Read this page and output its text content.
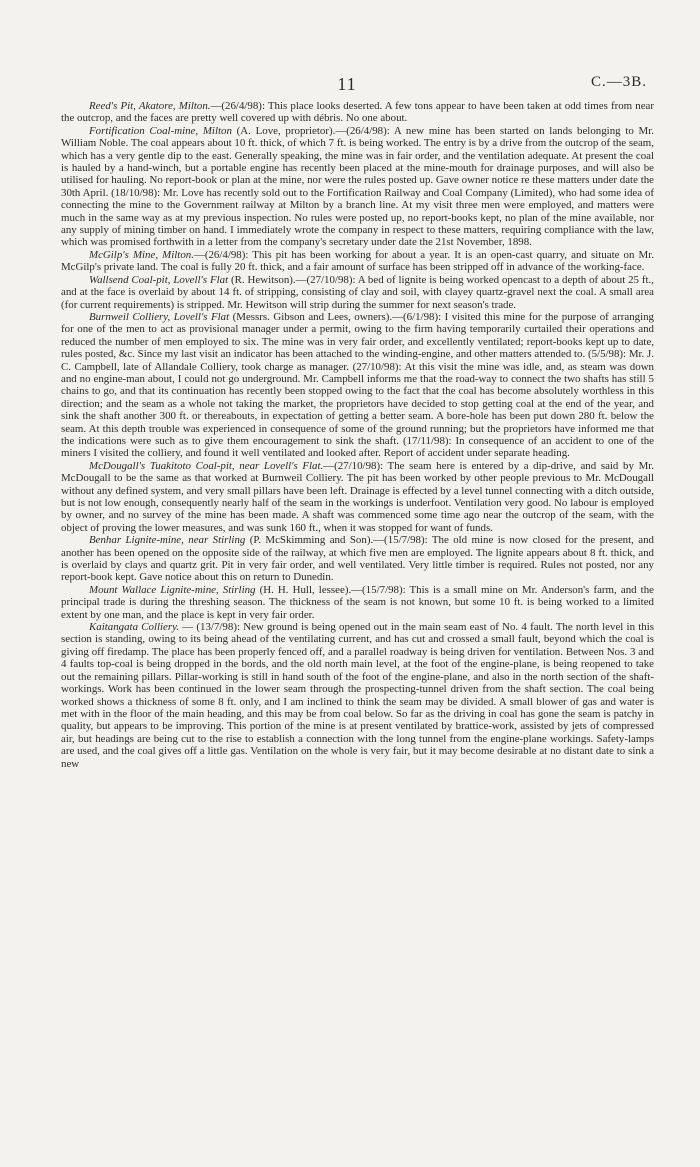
11	C.—3B.

Reed's Pit, Akatore, Milton.—(26/4/98): This place looks deserted. A few tons appear to have been taken at odd times from near the outcrop, and the faces are pretty well covered up with débris. No one about.

Fortification Coal-mine, Milton (A. Love, proprietor).—(26/4/98): A new mine has been started on lands belonging to Mr. William Noble. The coal appears about 10 ft. thick, of which 7 ft. is being worked. The entry is by a drive from the outcrop of the seam, which has a very gentle dip to the east. Generally speaking, the mine was in fair order, and the ventilation adequate. At present the coal is hauled by a hand-winch, but a portable engine has recently been placed at the mine-mouth for drainage purposes, and will also be utilised for hauling. No report-book or plan at the mine, nor were the rules posted up. Gave owner notice re these matters under date the 30th April. (18/10/98): Mr. Love has recently sold out to the Fortification Railway and Coal Company (Limited), who had some idea of connecting the mine to the Government railway at Milton by a branch line. At my visit three men were employed, and matters were much in the same way as at my previous inspection. No rules were posted up, no report-books kept, no plan of the mine available, nor any supply of mining timber on hand. I immediately wrote the company in respect to these matters, requiring compliance with the law, which was promised forthwith in a letter from the company's secretary under date the 21st November, 1898.

McGilp's Mine, Milton.—(26/4/98): This pit has been working for about a year. It is an open-cast quarry, and situate on Mr. McGilp's private land. The coal is fully 20 ft. thick, and a fair amount of surface has been stripped off in advance of the working-face.

Wallsend Coal-pit, Lovell's Flat (R. Hewitson).—(27/10/98): A bed of lignite is being worked opencast to a depth of about 25 ft., and at the face is overlaid by about 14 ft. of stripping, consisting of clay and soil, with clayey quartz-gravel next the coal. A small area (for current requirements) is stripped. Mr. Hewitson will strip during the summer for next season's trade.

Burnweil Colliery, Lovell's Flat (Messrs. Gibson and Lees, owners).—(6/1/98): I visited this mine for the purpose of arranging for one of the men to act as provisional manager under a permit, owing to the firm having temporarily curtailed their operations and reduced the number of men employed to six. The mine was in very fair order, and excellently ventilated; report-books kept up to date, rules posted, &c. Since my last visit an indicator has been attached to the winding-engine, and other matters attended to. (5/5/98): Mr. J. C. Campbell, late of Allandale Colliery, took charge as manager. (27/10/98): At this visit the mine was idle, and, as steam was down and no engine-man about, I could not go underground. Mr. Campbell informs me that the road-way to connect the two shafts has still 5 chains to go, and that its continuation has recently been stopped owing to the fact that the coal has become absolutely worthless in this direction; and the seam as a whole not taking the market, the proprietors have decided to stop getting coal at the end of the year, and sink the shaft another 300 ft. or thereabouts, in expectation of getting a better seam. A bore-hole has been put down 280 ft. below the seam. At this depth trouble was experienced in consequence of some of the ground running; but the proprietors have informed me that the indications were such as to give them encouragement to sink the shaft. (17/11/98): In consequence of an accident to one of the miners I visited the colliery, and found it well ventilated and looked after. Report of accident under separate heading.

McDougall's Tuakitoto Coal-pit, near Lovell's Flat.—(27/10/98): The seam here is entered by a dip-drive, and said by Mr. McDougall to be the same as that worked at Burnweil Colliery. The pit has been worked by other people previous to Mr. McDougall without any defined system, and very small pillars have been left. Drainage is effected by a level tunnel connecting with a ditch outside, but is not low enough, consequently nearly half of the seam in the workings is underfoot. Ventilation very good. No labour is employed by owner, and no survey of the mine has been made. A shaft was commenced some time ago near the outcrop of the seam, with the object of proving the lower measures, and was sunk 160 ft., when it was stopped for want of funds.

Benhar Lignite-mine, near Stirling (P. McSkimming and Son).—(15/7/98): The old mine is now closed for the present, and another has been opened on the opposite side of the railway, at which five men are employed. The lignite appears about 8 ft. thick, and is overlaid by clays and quartz grit. Pit in very fair order, and well ventilated. Very little timber is required. Rules not posted, nor any report-book kept. Gave notice about this on return to Dunedin.

Mount Wallace Lignite-mine, Stirling (H. H. Hull, lessee).—(15/7/98): This is a small mine on Mr. Anderson's farm, and the principal trade is during the threshing season. The thickness of the seam is not known, but some 10 ft. is being worked to a limited extent by one man, and the place is kept in very fair order.

Kaitangata Colliery. — (13/7/98): New ground is being opened out in the main seam east of No. 4 fault. The north level in this section is standing, owing to its being ahead of the ventilating current, and has cut and crossed a small fault, beyond which the coal is giving off firedamp. The place has been properly fenced off, and a parallel roadway is being driven for ventilation. Between Nos. 3 and 4 faults top-coal is being dropped in the bords, and the old north main level, at the foot of the engine-plane, is being reopened to take out the remaining pillars. Pillar-working is still in hand south of the foot of the engine-plane, and also in the north section of the shaft-workings. Work has been continued in the lower seam through the prospecting-tunnel driven from the shaft section. The coal being worked shows a thickness of some 8 ft. only, and I am inclined to think the seam may be divided. A small blower of gas and water is met with in the floor of the main heading, and this may be from coal below. So far as the driving in coal has gone the seam is patchy in quality, but appears to be improving. This portion of the mine is at present ventilated by brattice-work, assisted by jets of compressed air, but headings are being cut to the rise to establish a connection with the long tunnel from the engine-plane workings. Safety-lamps are used, and the coal gives off a little gas. Ventilation on the whole is very fair, but it may become desirable at no distant date to sink a new
